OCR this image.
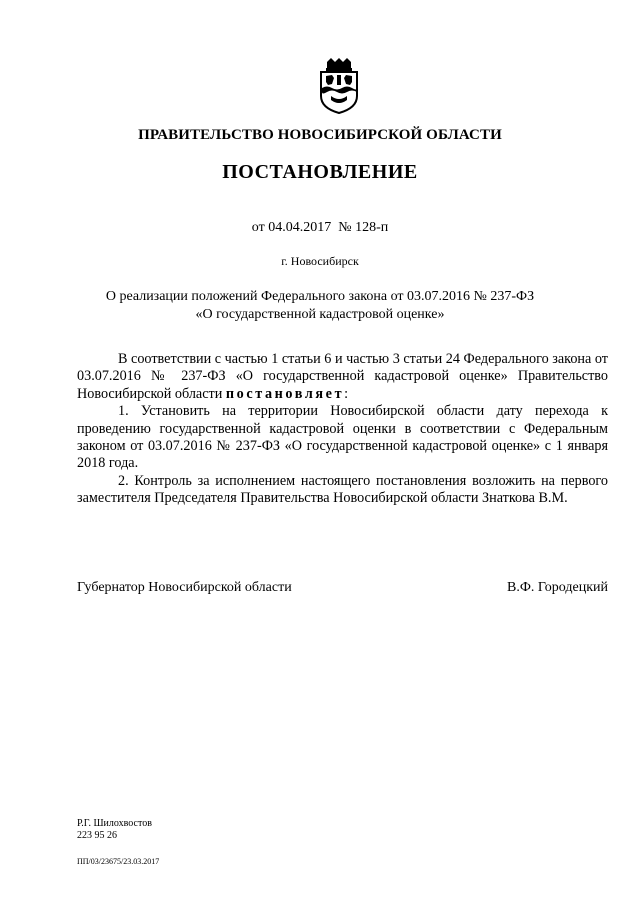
ПРАВИТЕЛЬСТВО НОВОСИБИРСКОЙ ОБЛАСТИ
ПОСТАНОВЛЕНИЕ
от 04.04.2017  № 128-п
г. Новосибирск
О реализации положений Федерального закона от 03.07.2016 № 237-ФЗ
«О государственной кадастровой оценке»

В соответствии с частью 1 статьи 6 и частью 3 статьи 24 Федерального закона от 03.07.2016 № 237-ФЗ «О государственной кадастровой оценке» Правительство Новосибирской области постановляет:

1. Установить на территории Новосибирской области дату перехода к проведению государственной кадастровой оценки в соответствии с Федеральным законом от 03.07.2016 № 237-ФЗ «О государственной кадастровой оценке» с 1 января 2018 года.

2. Контроль за исполнением настоящего постановления возложить на первого заместителя Председателя Правительства Новосибирской области Знаткова В.М.

Губернатор Новосибирской области	В.Ф. Городецкий
Р.Г. Шилохвостов
223 95 26
ПП/03/23675/23.03.2017
